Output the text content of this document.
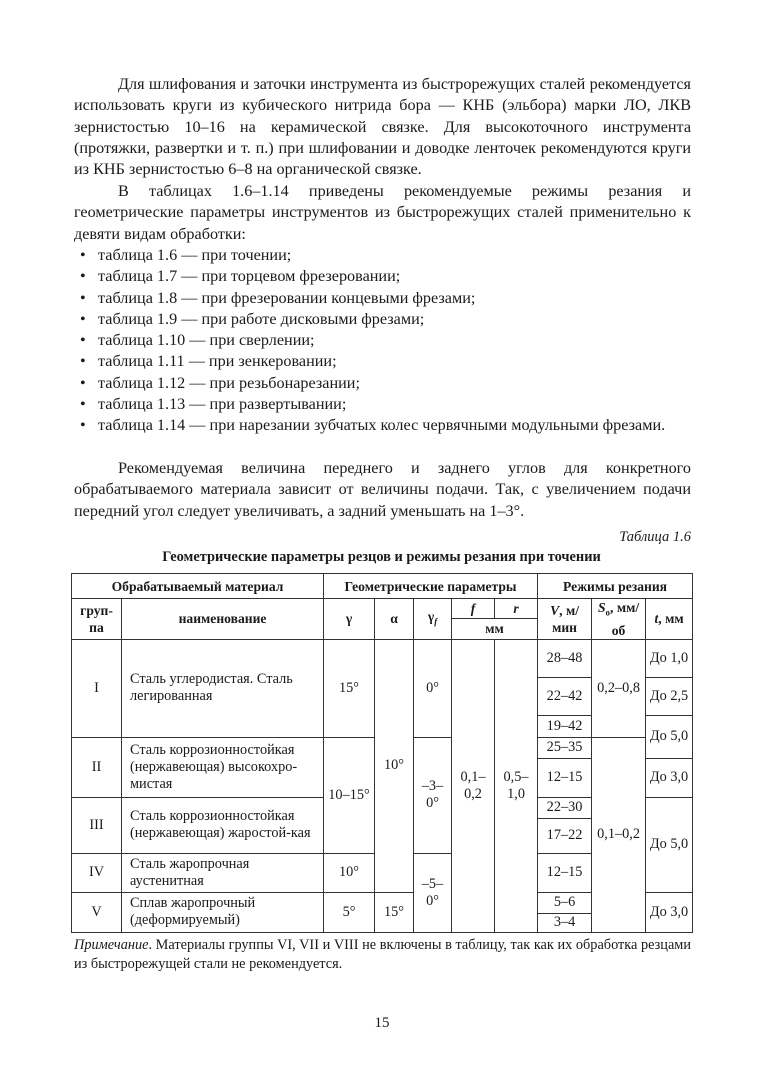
Для шлифования и заточки инструмента из быстрорежущих сталей рекомендуется использовать круги из кубического нитрида бора — КНБ (эльбора) марки ЛО, ЛКВ зернистостью 10–16 на керамической связке. Для высокоточного инструмента (протяжки, развертки и т. п.) при шлифовании и доводке ленточек рекомендуются круги из КНБ зернистостью 6–8 на органической связке.

В таблицах 1.6–1.14 приведены рекомендуемые режимы резания и геометрические параметры инструментов из быстрорежущих сталей применительно к девяти видам обработки:

• таблица 1.6 — при точении;
• таблица 1.7 — при торцевом фрезеровании;
• таблица 1.8 — при фрезеровании концевыми фрезами;
• таблица 1.9 — при работе дисковыми фрезами;
• таблица 1.10 — при сверлении;
• таблица 1.11 — при зенкеровании;
• таблица 1.12 — при резьбонарезании;
• таблица 1.13 — при развертывании;
• таблица 1.14 — при нарезании зубчатых колес червячными модульными фрезами.

Рекомендуемая величина переднего и заднего углов для конкретного обрабатываемого материала зависит от величины подачи. Так, с увеличением подачи передний угол следует увеличивать, а задний уменьшать на 1–3°.

Таблица 1.6
Геометрические параметры резцов и режимы резания при точении
Обрабатываемый материал		Геометрические параметры					Режимы резания		
груп-па	наименование	γ	α	$\gamma_f$	f	r	V, м/мин	$S_о$, мм/об	t, мм
					мм				
I	Сталь углеродистая. Сталь легированная	15°	10°	0°	0,1–0,2	0,5–1,0	28–48	0,2–0,8	До 1,0
							22–42		До 2,5
							19–42		До 5,0
II	Сталь коррозионностойкая (нержавеющая) высокохро-мистая	10–15°		–3–0°			25–35	0,1–0,2	
							12–15		До 3,0
III	Сталь коррозионностойкая (нержавеющая) жаростой-кая						22–30		До 5,0
							17–22		
IV	Сталь жаропрочная аустенитная	10°		–5–0°			12–15		
V	Сплав жаропрочный (деформируемый)	5°	15°				5–6		До 3,0
							3–4		
Примечание. Материалы группы VI, VII и VIII не включены в таблицу, так как их обработка резцами из быстрорежущей стали не рекомендуется.
15
